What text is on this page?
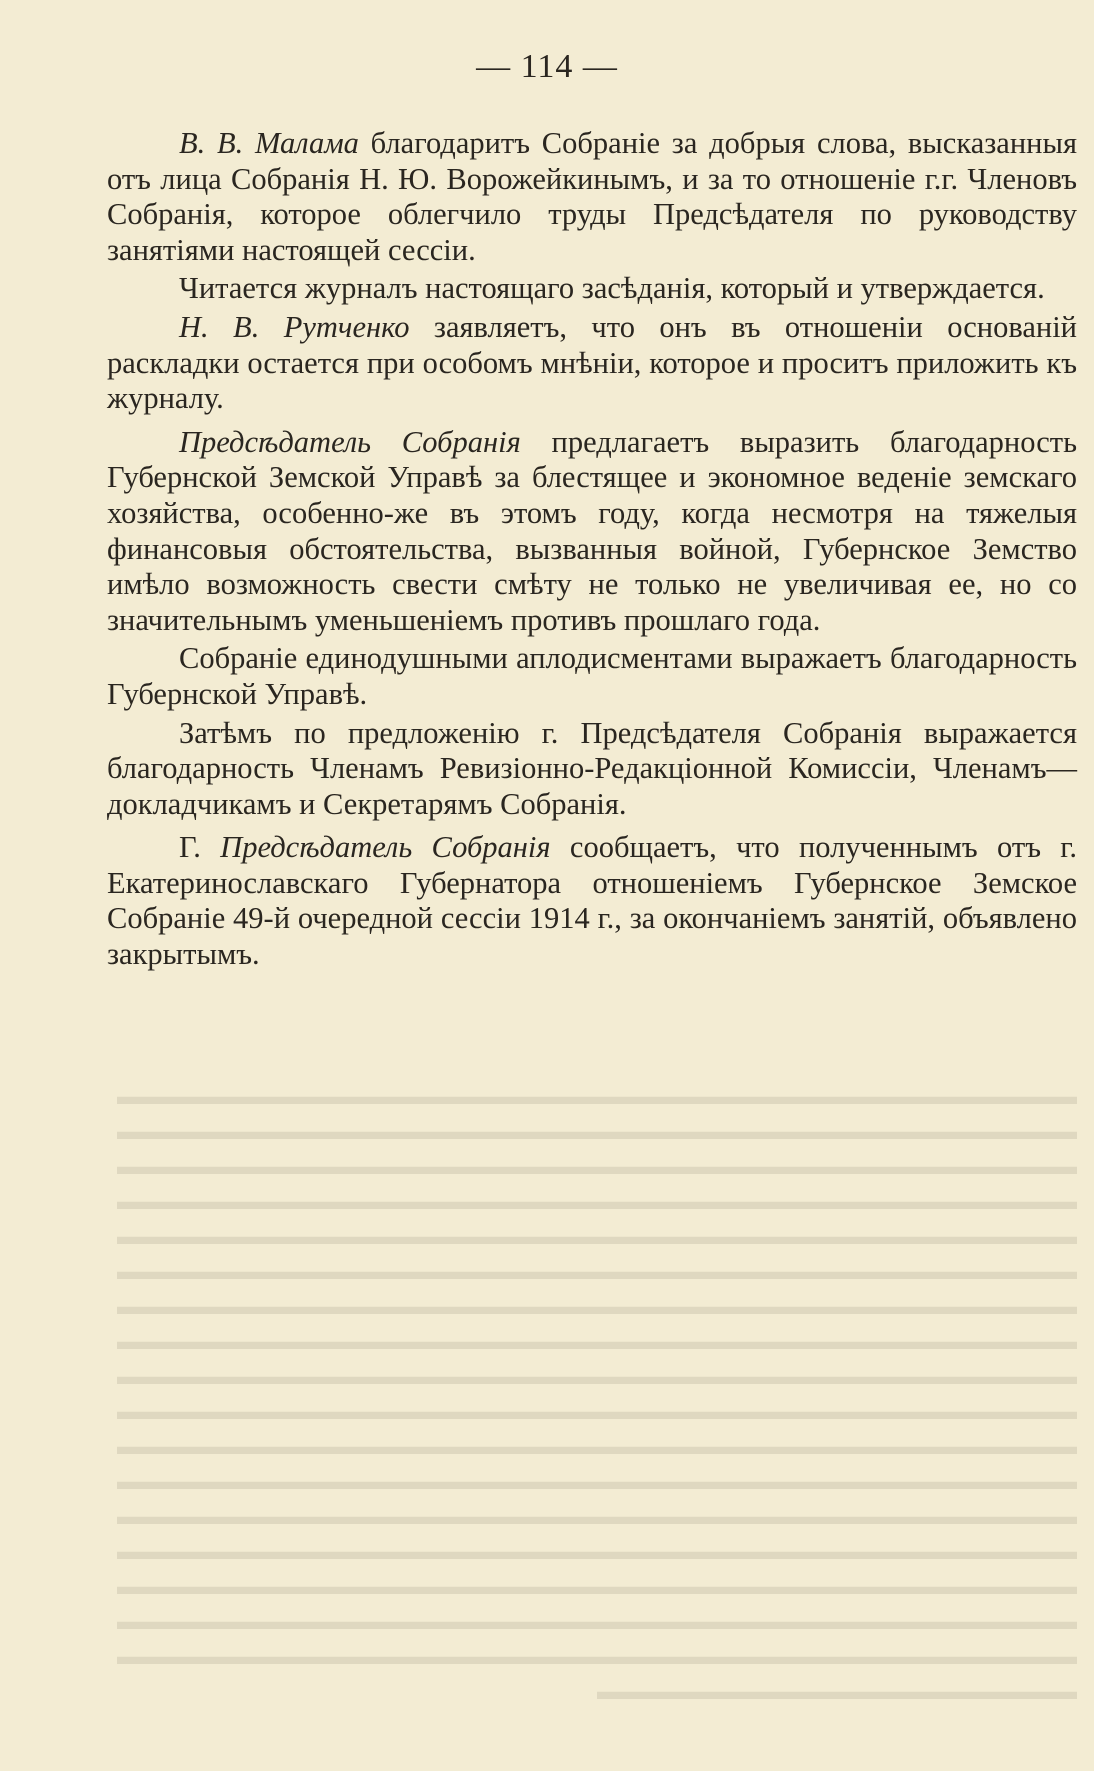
▬▬▬▬▬▬▬▬▬▬▬▬▬▬▬▬▬▬▬▬▬▬▬▬▬▬▬▬▬▬▬▬▬▬▬▬▬▬▬▬
▬▬▬▬▬▬▬▬▬▬▬▬▬▬▬▬▬▬▬▬▬▬▬▬▬▬▬▬▬▬▬▬▬▬▬▬▬▬▬▬
▬▬▬▬▬▬▬▬▬▬▬▬▬▬▬▬▬▬▬▬▬▬▬▬▬▬▬▬▬▬▬▬▬▬▬▬▬▬▬▬
▬▬▬▬▬▬▬▬▬▬▬▬▬▬▬▬▬▬▬▬▬▬▬▬▬▬▬▬▬▬▬▬▬▬▬▬▬▬▬▬
▬▬▬▬▬▬▬▬▬▬▬▬▬▬▬▬▬▬▬▬▬▬▬▬▬▬▬▬▬▬▬▬▬▬▬▬▬▬▬▬
▬▬▬▬▬▬▬▬▬▬▬▬▬▬▬▬▬▬▬▬▬▬▬▬▬▬▬▬▬▬▬▬▬▬▬▬▬▬▬▬
▬▬▬▬▬▬▬▬▬▬▬▬▬▬▬▬▬▬▬▬▬▬▬▬▬▬▬▬▬▬▬▬▬▬▬▬▬▬▬▬
▬▬▬▬▬▬▬▬▬▬▬▬▬▬▬▬▬▬▬▬▬▬▬▬▬▬▬▬▬▬▬▬▬▬▬▬▬▬▬▬
▬▬▬▬▬▬▬▬▬▬▬▬▬▬▬▬▬▬▬▬▬▬▬▬▬▬▬▬▬▬▬▬▬▬▬▬▬▬▬▬
▬▬▬▬▬▬▬▬▬▬▬▬▬▬▬▬▬▬▬▬▬▬▬▬▬▬▬▬▬▬▬▬▬▬▬▬▬▬▬▬
▬▬▬▬▬▬▬▬▬▬▬▬▬▬▬▬▬▬▬▬▬▬▬▬▬▬▬▬▬▬▬▬▬▬▬▬▬▬▬▬
▬▬▬▬▬▬▬▬▬▬▬▬▬▬▬▬▬▬▬▬▬▬▬▬▬▬▬▬▬▬▬▬▬▬▬▬▬▬▬▬
▬▬▬▬▬▬▬▬▬▬▬▬▬▬▬▬▬▬▬▬▬▬▬▬▬▬▬▬▬▬▬▬▬▬▬▬▬▬▬▬
▬▬▬▬▬▬▬▬▬▬▬▬▬▬▬▬▬▬▬▬▬▬▬▬▬▬▬▬▬▬▬▬▬▬▬▬▬▬▬▬
▬▬▬▬▬▬▬▬▬▬▬▬▬▬▬▬▬▬▬▬▬▬▬▬▬▬▬▬▬▬▬▬▬▬▬▬▬▬▬▬
▬▬▬▬▬▬▬▬▬▬▬▬▬▬▬▬▬▬▬▬▬▬▬▬▬▬▬▬▬▬▬▬▬▬▬▬▬▬▬▬
▬▬▬▬▬▬▬▬▬▬▬▬▬▬▬▬▬▬▬▬▬▬▬▬▬▬▬▬▬▬▬▬▬▬▬▬▬▬▬▬
▬▬▬▬▬▬▬▬▬▬▬▬▬▬▬▬▬▬▬▬

— 114 —

В. В. Малама благодаритъ Собраніе за добрыя слова, высказанныя отъ лица Собранія Н. Ю. Ворожейкинымъ, и за то отношеніе г.г. Членовъ Собранія, которое облегчило труды Предсѣдателя по руководству занятіями настоящей сессіи.

Читается журналъ настоящаго засѣданія, который и утверждается.

Н. В. Рутченко заявляетъ, что онъ въ отношеніи основаній раскладки остается при особомъ мнѣніи, которое и проситъ приложить къ журналу.

Предсѣдатель Собранія предлагаетъ выразить благодарность Губернской Земской Управѣ за блестящее и экономное веденіе земскаго хозяйства, особенно-же въ этомъ году, когда несмотря на тяжелыя финансовыя обстоятельства, вызванныя войной, Губернское Земство имѣло возможность свести смѣту не только не увеличивая ее, но со значительнымъ уменьшеніемъ противъ прошлаго года.

Собраніе единодушными аплодисментами выражаетъ благодарность Губернской Управѣ.

Затѣмъ по предложенію г. Предсѣдателя Собранія выражается благодарность Членамъ Ревизіонно-Редакціонной Комиссіи, Членамъ—докладчикамъ и Секретарямъ Собранія.

Г. Предсѣдатель Собранія сообщаетъ, что полученнымъ отъ г. Екатеринославскаго Губернатора отношеніемъ Губернское Земское Собраніе 49-й очередной сессіи 1914 г., за окончаніемъ занятій, объявлено закрытымъ.
